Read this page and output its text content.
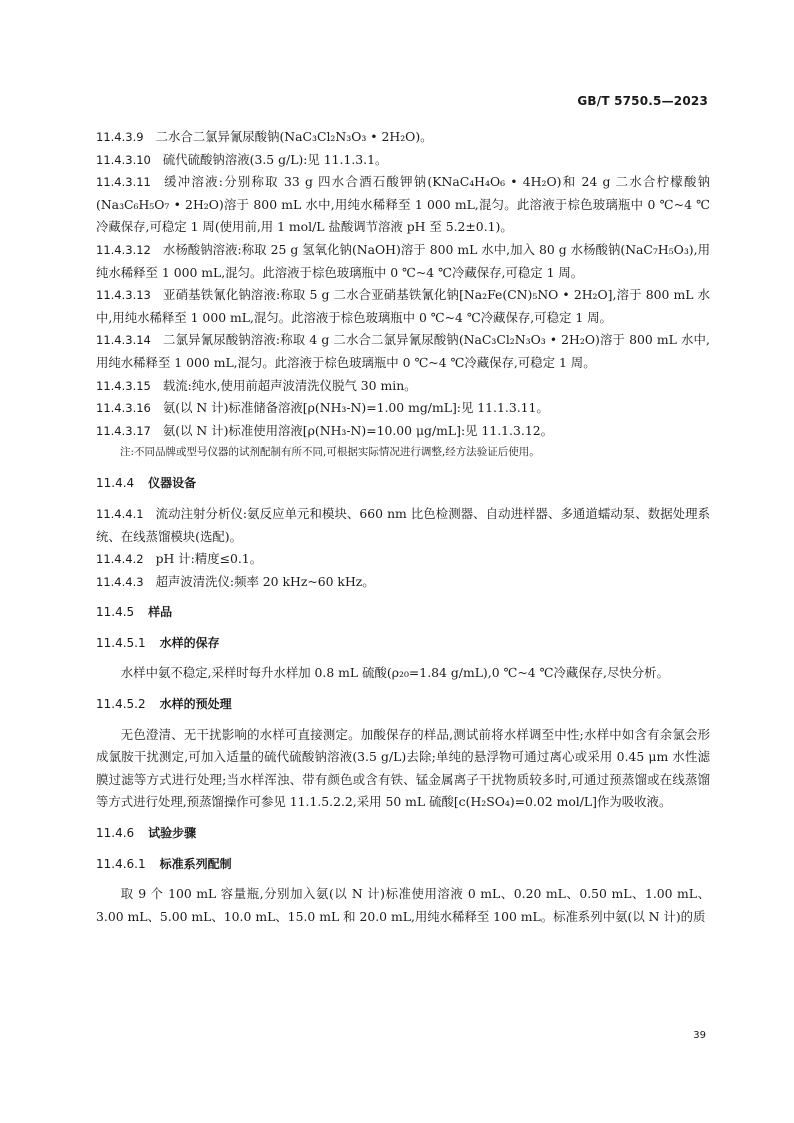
GB/T 5750.5—2023

11.4.3.9 二水合二氯异氰尿酸钠(NaC₃Cl₂N₃O₃ • 2H₂O)。

11.4.3.10 硫代硫酸钠溶液(3.5 g/L):见 11.1.3.1。

11.4.3.11 缓冲溶液:分别称取 33 g 四水合酒石酸钾钠(KNaC₄H₄O₆ • 4H₂O)和 24 g 二水合柠檬酸钠(Na₃C₆H₅O₇ • 2H₂O)溶于 800 mL 水中,用纯水稀释至 1 000 mL,混匀。此溶液于棕色玻璃瓶中 0 ℃~4 ℃冷藏保存,可稳定 1 周(使用前,用 1 mol/L 盐酸调节溶液 pH 至 5.2±0.1)。

11.4.3.12 水杨酸钠溶液:称取 25 g 氢氧化钠(NaOH)溶于 800 mL 水中,加入 80 g 水杨酸钠(NaC₇H₅O₃),用纯水稀释至 1 000 mL,混匀。此溶液于棕色玻璃瓶中 0 ℃~4 ℃冷藏保存,可稳定 1 周。

11.4.3.13 亚硝基铁氰化钠溶液:称取 5 g 二水合亚硝基铁氰化钠[Na₂Fe(CN)₅NO • 2H₂O],溶于 800 mL 水中,用纯水稀释至 1 000 mL,混匀。此溶液于棕色玻璃瓶中 0 ℃~4 ℃冷藏保存,可稳定 1 周。

11.4.3.14 二氯异氰尿酸钠溶液:称取 4 g 二水合二氯异氰尿酸钠(NaC₃Cl₂N₃O₃ • 2H₂O)溶于 800 mL 水中,用纯水稀释至 1 000 mL,混匀。此溶液于棕色玻璃瓶中 0 ℃~4 ℃冷藏保存,可稳定 1 周。

11.4.3.15 载流:纯水,使用前超声波清洗仪脱气 30 min。

11.4.3.16 氨(以 N 计)标准储备溶液[ρ(NH₃-N)=1.00 mg/mL]:见 11.1.3.11。

11.4.3.17 氨(以 N 计)标准使用溶液[ρ(NH₃-N)=10.00 μg/mL]:见 11.1.3.12。

注:不同品牌或型号仪器的试剂配制有所不同,可根据实际情况进行调整,经方法验证后使用。

11.4.4 仪器设备

11.4.4.1 流动注射分析仪:氨反应单元和模块、660 nm 比色检测器、自动进样器、多通道蠕动泵、数据处理系统、在线蒸馏模块(选配)。

11.4.4.2 pH 计:精度≤0.1。

11.4.4.3 超声波清洗仪:频率 20 kHz~60 kHz。

11.4.5 样品
11.4.5.1 水样的保存

水样中氨不稳定,采样时每升水样加 0.8 mL 硫酸(ρ₂₀=1.84 g/mL),0 ℃~4 ℃冷藏保存,尽快分析。

11.4.5.2 水样的预处理

无色澄清、无干扰影响的水样可直接测定。加酸保存的样品,测试前将水样调至中性;水样中如含有余氯会形成氯胺干扰测定,可加入适量的硫代硫酸钠溶液(3.5 g/L)去除;单纯的悬浮物可通过离心或采用 0.45 μm 水性滤膜过滤等方式进行处理;当水样浑浊、带有颜色或含有铁、锰金属离子干扰物质较多时,可通过预蒸馏或在线蒸馏等方式进行处理,预蒸馏操作可参见 11.1.5.2.2,采用 50 mL 硫酸[c(H₂SO₄)=0.02 mol/L]作为吸收液。

11.4.6 试验步骤
11.4.6.1 标准系列配制

取 9 个 100 mL 容量瓶,分别加入氨(以 N 计)标准使用溶液 0 mL、0.20 mL、0.50 mL、1.00 mL、3.00 mL、5.00 mL、10.0 mL、15.0 mL 和 20.0 mL,用纯水稀释至 100 mL。标准系列中氨(以 N 计)的质

39
